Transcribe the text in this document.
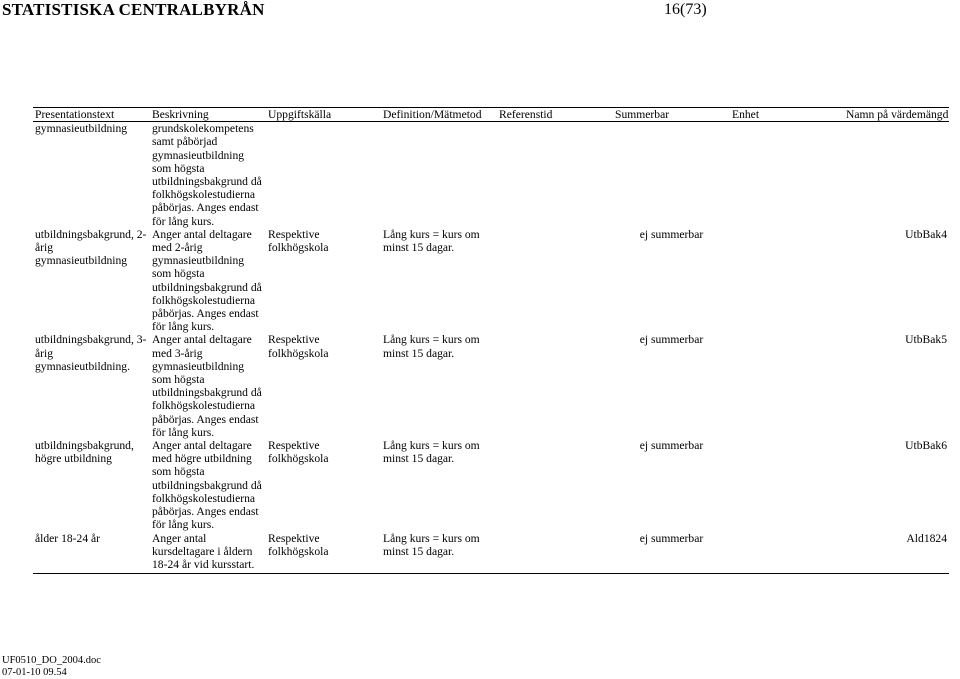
STATISTISKA CENTRALBYRÅN	16(73)
Presentationstext	Beskrivning	Uppgiftskälla	Definition/Mätmetod	Referenstid	Summerbar	Enhet	Namn på värdemängd
gymnasieutbildning	grundskolekompetens samt påbörjad gymnasieutbildning som högsta utbildningsbakgrund då folkhögskolestudierna påbörjas. Anges endast för lång kurs.						
utbildningsbakgrund, 2-årig gymnasieutbildning	Anger antal deltagare med 2-årig gymnasieutbildning som högsta utbildningsbakgrund då folkhögskolestudierna påbörjas. Anges endast för lång kurs.	Respektive folkhögskola	Lång kurs = kurs om minst 15 dagar.		ej summerbar		UtbBak4
utbildningsbakgrund, 3-årig gymnasieutbildning.	Anger antal deltagare med 3-årig gymnasieutbildning som högsta utbildningsbakgrund då folkhögskolestudierna påbörjas. Anges endast för lång kurs.	Respektive folkhögskola	Lång kurs = kurs om minst 15 dagar.		ej summerbar		UtbBak5
utbildningsbakgrund, högre utbildning	Anger antal deltagare med högre utbildning som högsta utbildningsbakgrund då folkhögskolestudierna påbörjas. Anges endast för lång kurs.	Respektive folkhögskola	Lång kurs = kurs om minst 15 dagar.		ej summerbar		UtbBak6
ålder 18-24 år	Anger antal kursdeltagare i åldern 18-24 år vid kursstart.	Respektive folkhögskola	Lång kurs = kurs om minst 15 dagar.		ej summerbar		Ald1824
UF0510_DO_2004.doc
07-01-10 09.54
